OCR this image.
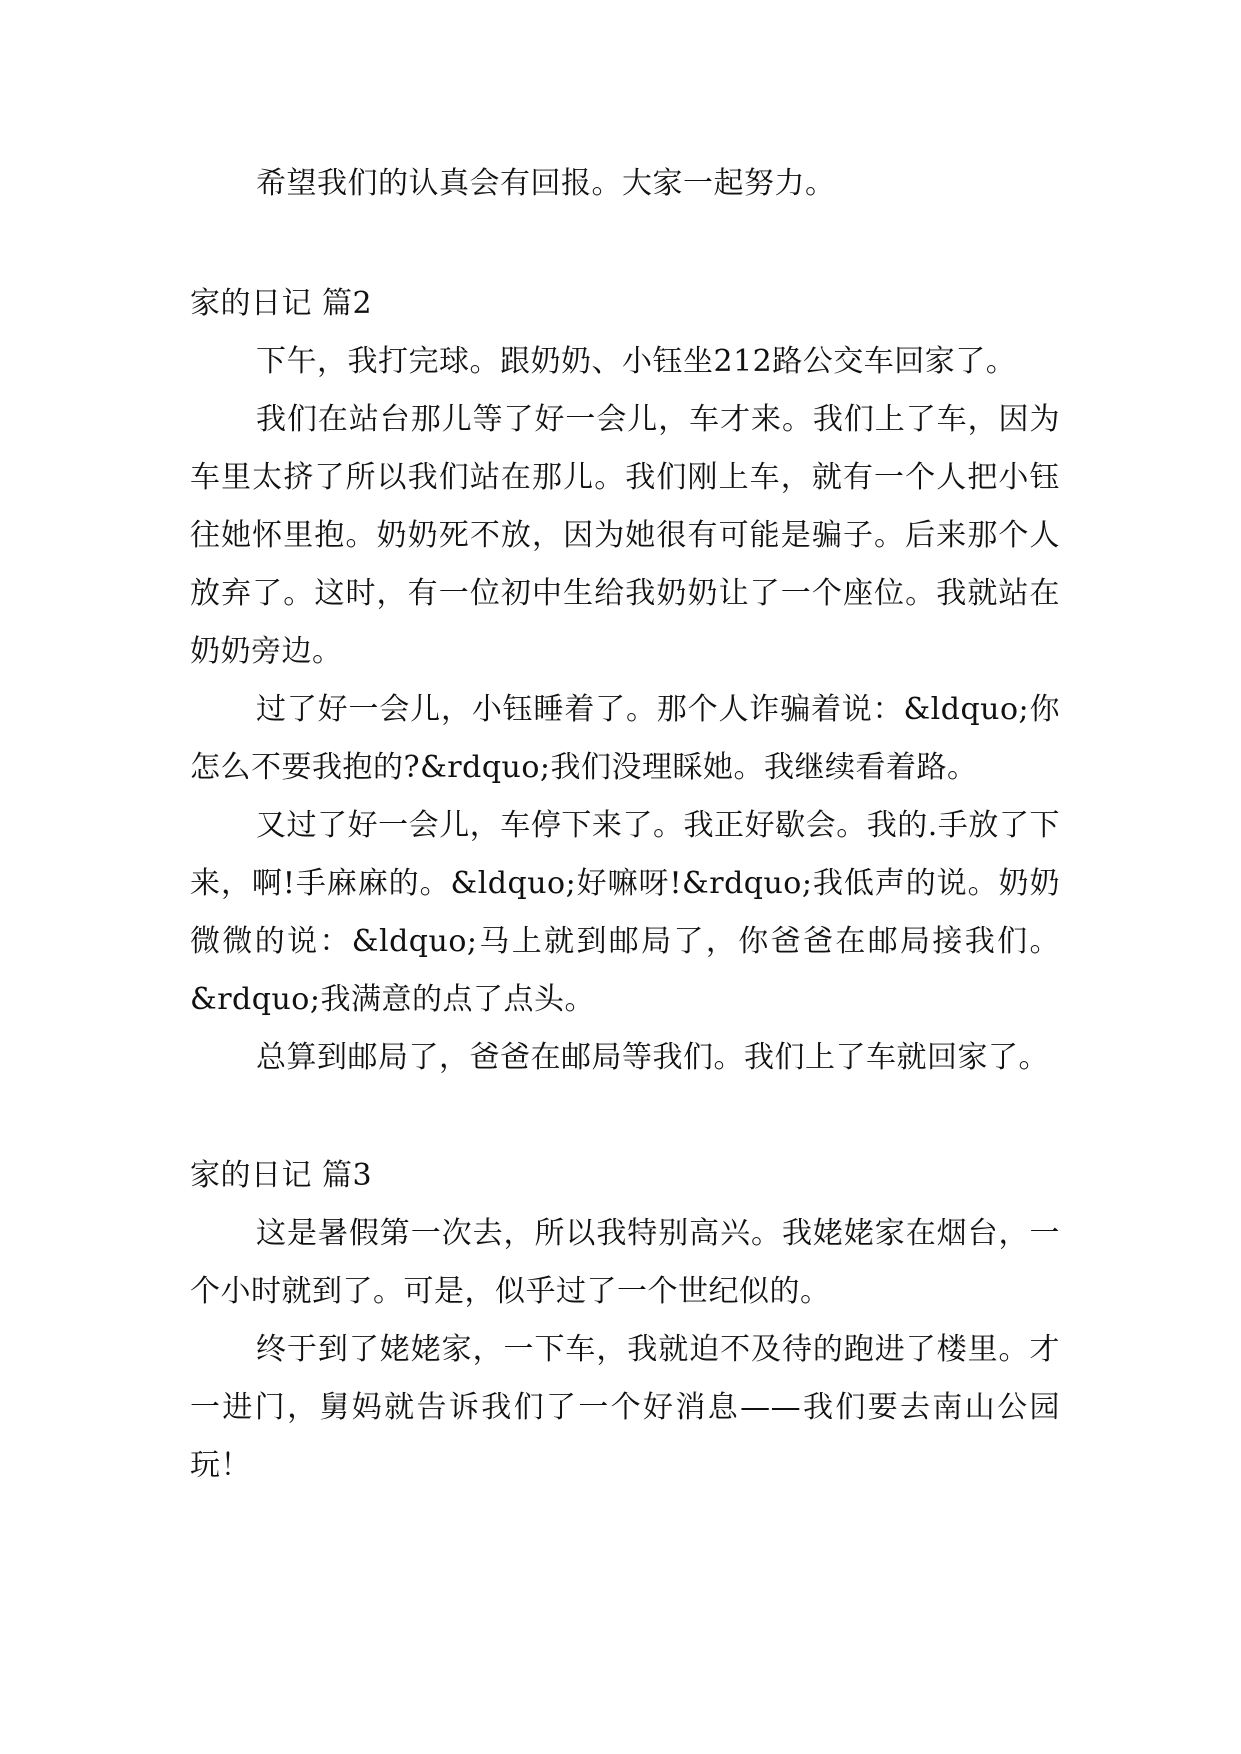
希望我们的认真会有回报。大家一起努力。

家的日记 篇2

下午，我打完球。跟奶奶、小钰坐212路公交车回家了。

我们在站台那儿等了好一会儿，车才来。我们上了车，因为车里太挤了所以我们站在那儿。我们刚上车，就有一个人把小钰往她怀里抱。奶奶死不放，因为她很有可能是骗子。后来那个人放弃了。这时，有一位初中生给我奶奶让了一个座位。我就站在奶奶旁边。

过了好一会儿，小钰睡着了。那个人诈骗着说：&ldquo;你怎么不要我抱的?&rdquo;我们没理睬她。我继续看着路。

又过了好一会儿，车停下来了。我正好歇会。我的.手放了下来，啊!手麻麻的。&ldquo;好嘛呀!&rdquo;我低声的说。奶奶微微的说：&ldquo;马上就到邮局了，你爸爸在邮局接我们。&rdquo;我满意的点了点头。

总算到邮局了，爸爸在邮局等我们。我们上了车就回家了。

家的日记 篇3

这是暑假第一次去，所以我特别高兴。我姥姥家在烟台，一个小时就到了。可是，似乎过了一个世纪似的。

终于到了姥姥家，一下车，我就迫不及待的跑进了楼里。才一进门，舅妈就告诉我们了一个好消息——我们要去南山公园玩！
